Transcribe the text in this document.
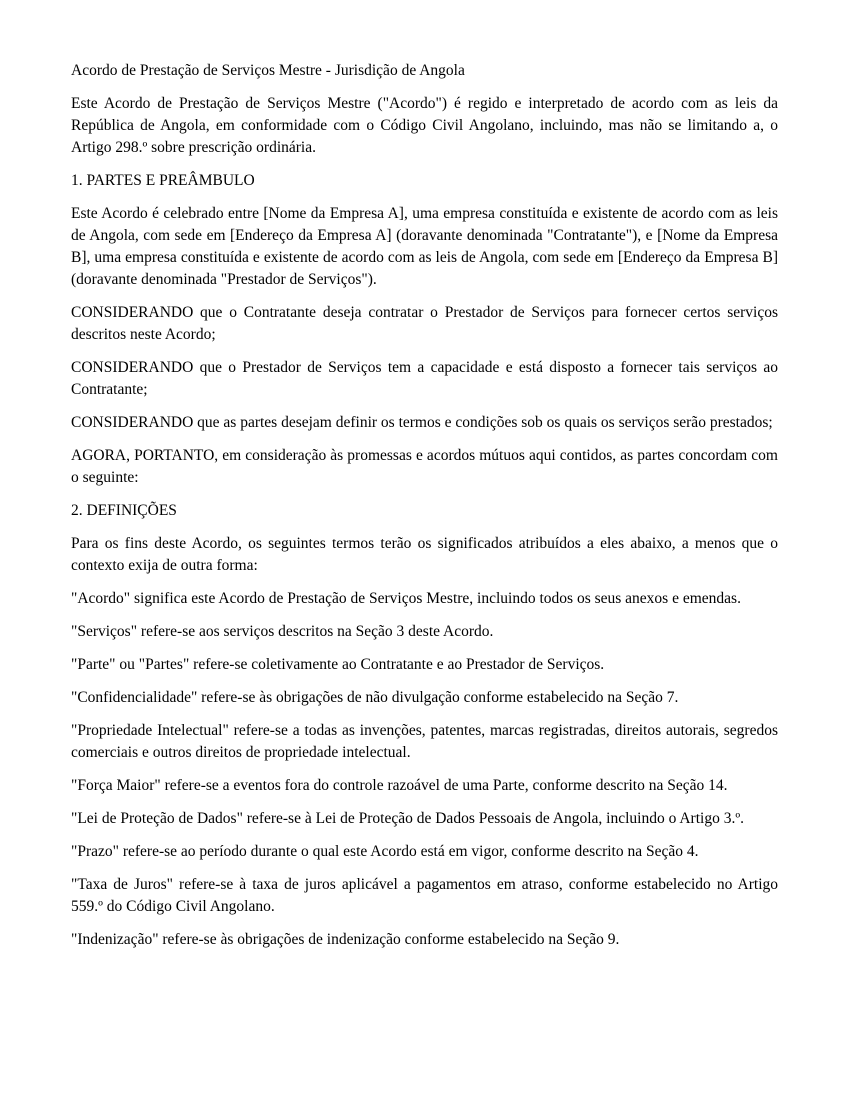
Acordo de Prestação de Serviços Mestre - Jurisdição de Angola

Este Acordo de Prestação de Serviços Mestre ("Acordo") é regido e interpretado de acordo com as leis da República de Angola, em conformidade com o Código Civil Angolano, incluindo, mas não se limitando a, o Artigo 298.º sobre prescrição ordinária.

1. PARTES E PREÂMBULO

Este Acordo é celebrado entre [Nome da Empresa A], uma empresa constituída e existente de acordo com as leis de Angola, com sede em [Endereço da Empresa A] (doravante denominada "Contratante"), e [Nome da Empresa B], uma empresa constituída e existente de acordo com as leis de Angola, com sede em [Endereço da Empresa B] (doravante denominada "Prestador de Serviços").

CONSIDERANDO que o Contratante deseja contratar o Prestador de Serviços para fornecer certos serviços descritos neste Acordo;

CONSIDERANDO que o Prestador de Serviços tem a capacidade e está disposto a fornecer tais serviços ao Contratante;

CONSIDERANDO que as partes desejam definir os termos e condições sob os quais os serviços serão prestados;

AGORA, PORTANTO, em consideração às promessas e acordos mútuos aqui contidos, as partes concordam com o seguinte:

2. DEFINIÇÕES

Para os fins deste Acordo, os seguintes termos terão os significados atribuídos a eles abaixo, a menos que o contexto exija de outra forma:

"Acordo" significa este Acordo de Prestação de Serviços Mestre, incluindo todos os seus anexos e emendas.

"Serviços" refere-se aos serviços descritos na Seção 3 deste Acordo.

"Parte" ou "Partes" refere-se coletivamente ao Contratante e ao Prestador de Serviços.

"Confidencialidade" refere-se às obrigações de não divulgação conforme estabelecido na Seção 7.

"Propriedade Intelectual" refere-se a todas as invenções, patentes, marcas registradas, direitos autorais, segredos comerciais e outros direitos de propriedade intelectual.

"Força Maior" refere-se a eventos fora do controle razoável de uma Parte, conforme descrito na Seção 14.

"Lei de Proteção de Dados" refere-se à Lei de Proteção de Dados Pessoais de Angola, incluindo o Artigo 3.º.

"Prazo" refere-se ao período durante o qual este Acordo está em vigor, conforme descrito na Seção 4.

"Taxa de Juros" refere-se à taxa de juros aplicável a pagamentos em atraso, conforme estabelecido no Artigo 559.º do Código Civil Angolano.

"Indenização" refere-se às obrigações de indenização conforme estabelecido na Seção 9.
